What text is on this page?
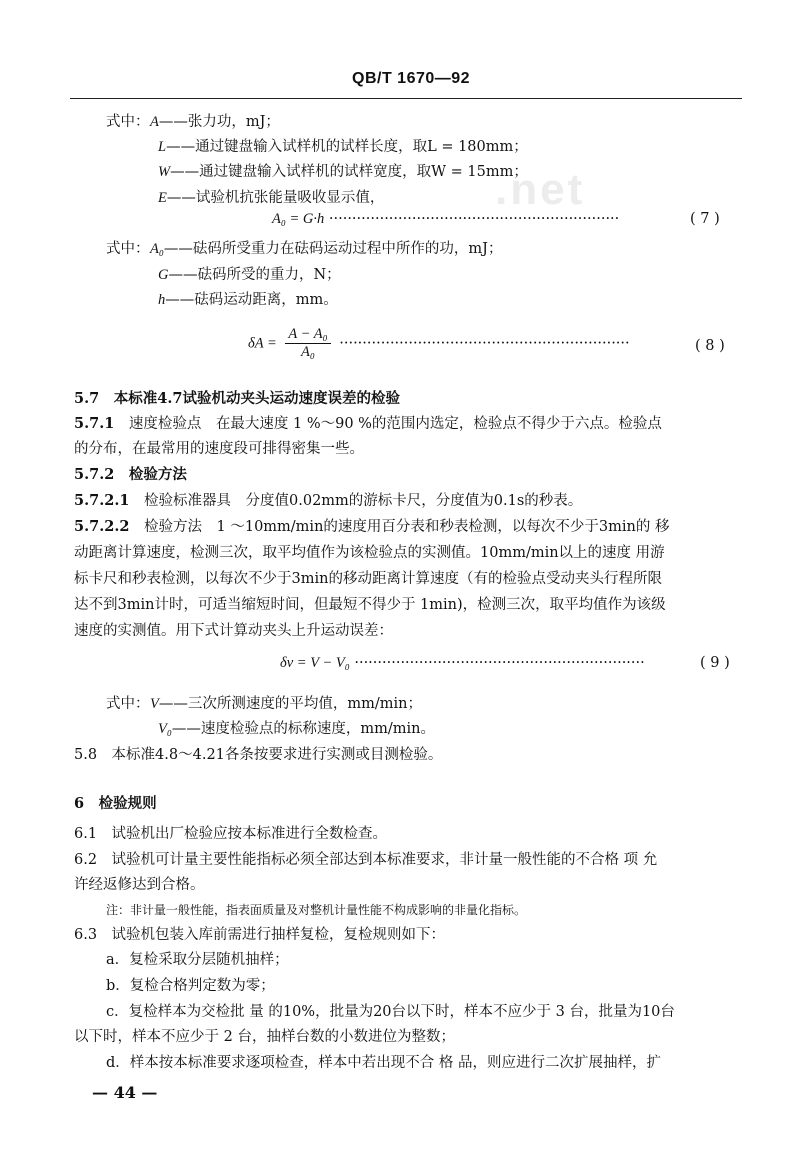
.net
QB/T 1670—92
式中： A——张力功，mJ；
L——通过键盘输入试样机的试样长度，取L = 180mm；
W——通过键盘输入试样机的试样宽度，取W = 15mm；
E——试验机抗张能量吸收显示值，
A₀ = G·h ·······························································	( 7 )
式中： A₀——砝码所受重力在砝码运动过程中所作的功，mJ；
G——砝码所受的重力，N；
h——砝码运动距离，mm。
$\delta A = \frac{\text{A − A₀}}{\text{A₀}}$ ·······························································	( 8 )
5.7　本标准4.7试验机动夹头运动速度误差的检验
5.7.1　 速度检验点　在最大速度 1 %～90 %的范围内选定，检验点不得少于六点。检验点
的分布，在最常用的速度段可排得密集一些。
5.7.2　检验方法
5.7.2.1　 检验标准器具　分度值0.02mm的游标卡尺，分度值为0.1s的秒表。
5.7.2.2　 检验方法　1 ～10mm/min的速度用百分表和秒表检测，以每次不少于3min的 移
动距离计算速度，检测三次，取平均值作为该检验点的实测值。10mm/min以上的速度 用游
标卡尺和秒表检测，以每次不少于3min的移动距离计算速度（有的检验点受动夹头行程所限
达不到3min计时，可适当缩短时间，但最短不得少于 1min)，检测三次，取平均值作为该级
速度的实测值。用下式计算动夹头上升运动误差：
δv = V − V₀ ·······························································	( 9 )
式中： V——三次所测速度的平均值，mm/min；
V₀——速度检验点的标称速度，mm/min。
5.8　本标准4.8～4.21各条按要求进行实测或目测检验。
6　检验规则
6.1　试验机出厂检验应按本标准进行全数检查。
6.2　试验机可计量主要性能指标必须全部达到本标准要求，非计量一般性能的不合格 项 允
许经返修达到合格。
注：非计量一般性能，指表面质量及对整机计量性能不构成影响的非量化指标。
6.3　试验机包装入库前需进行抽样复检，复检规则如下：
a．复检采取分层随机抽样；
b．复检合格判定数为零；
c．复检样本为交检批 量 的10%，批量为20台以下时，样本不应少于 3 台，批量为10台
以下时，样本不应少于 2 台，抽样台数的小数进位为整数；
d．样本按本标准要求逐项检查，样本中若出现不合 格 品，则应进行二次扩展抽样，扩
— 44 —
